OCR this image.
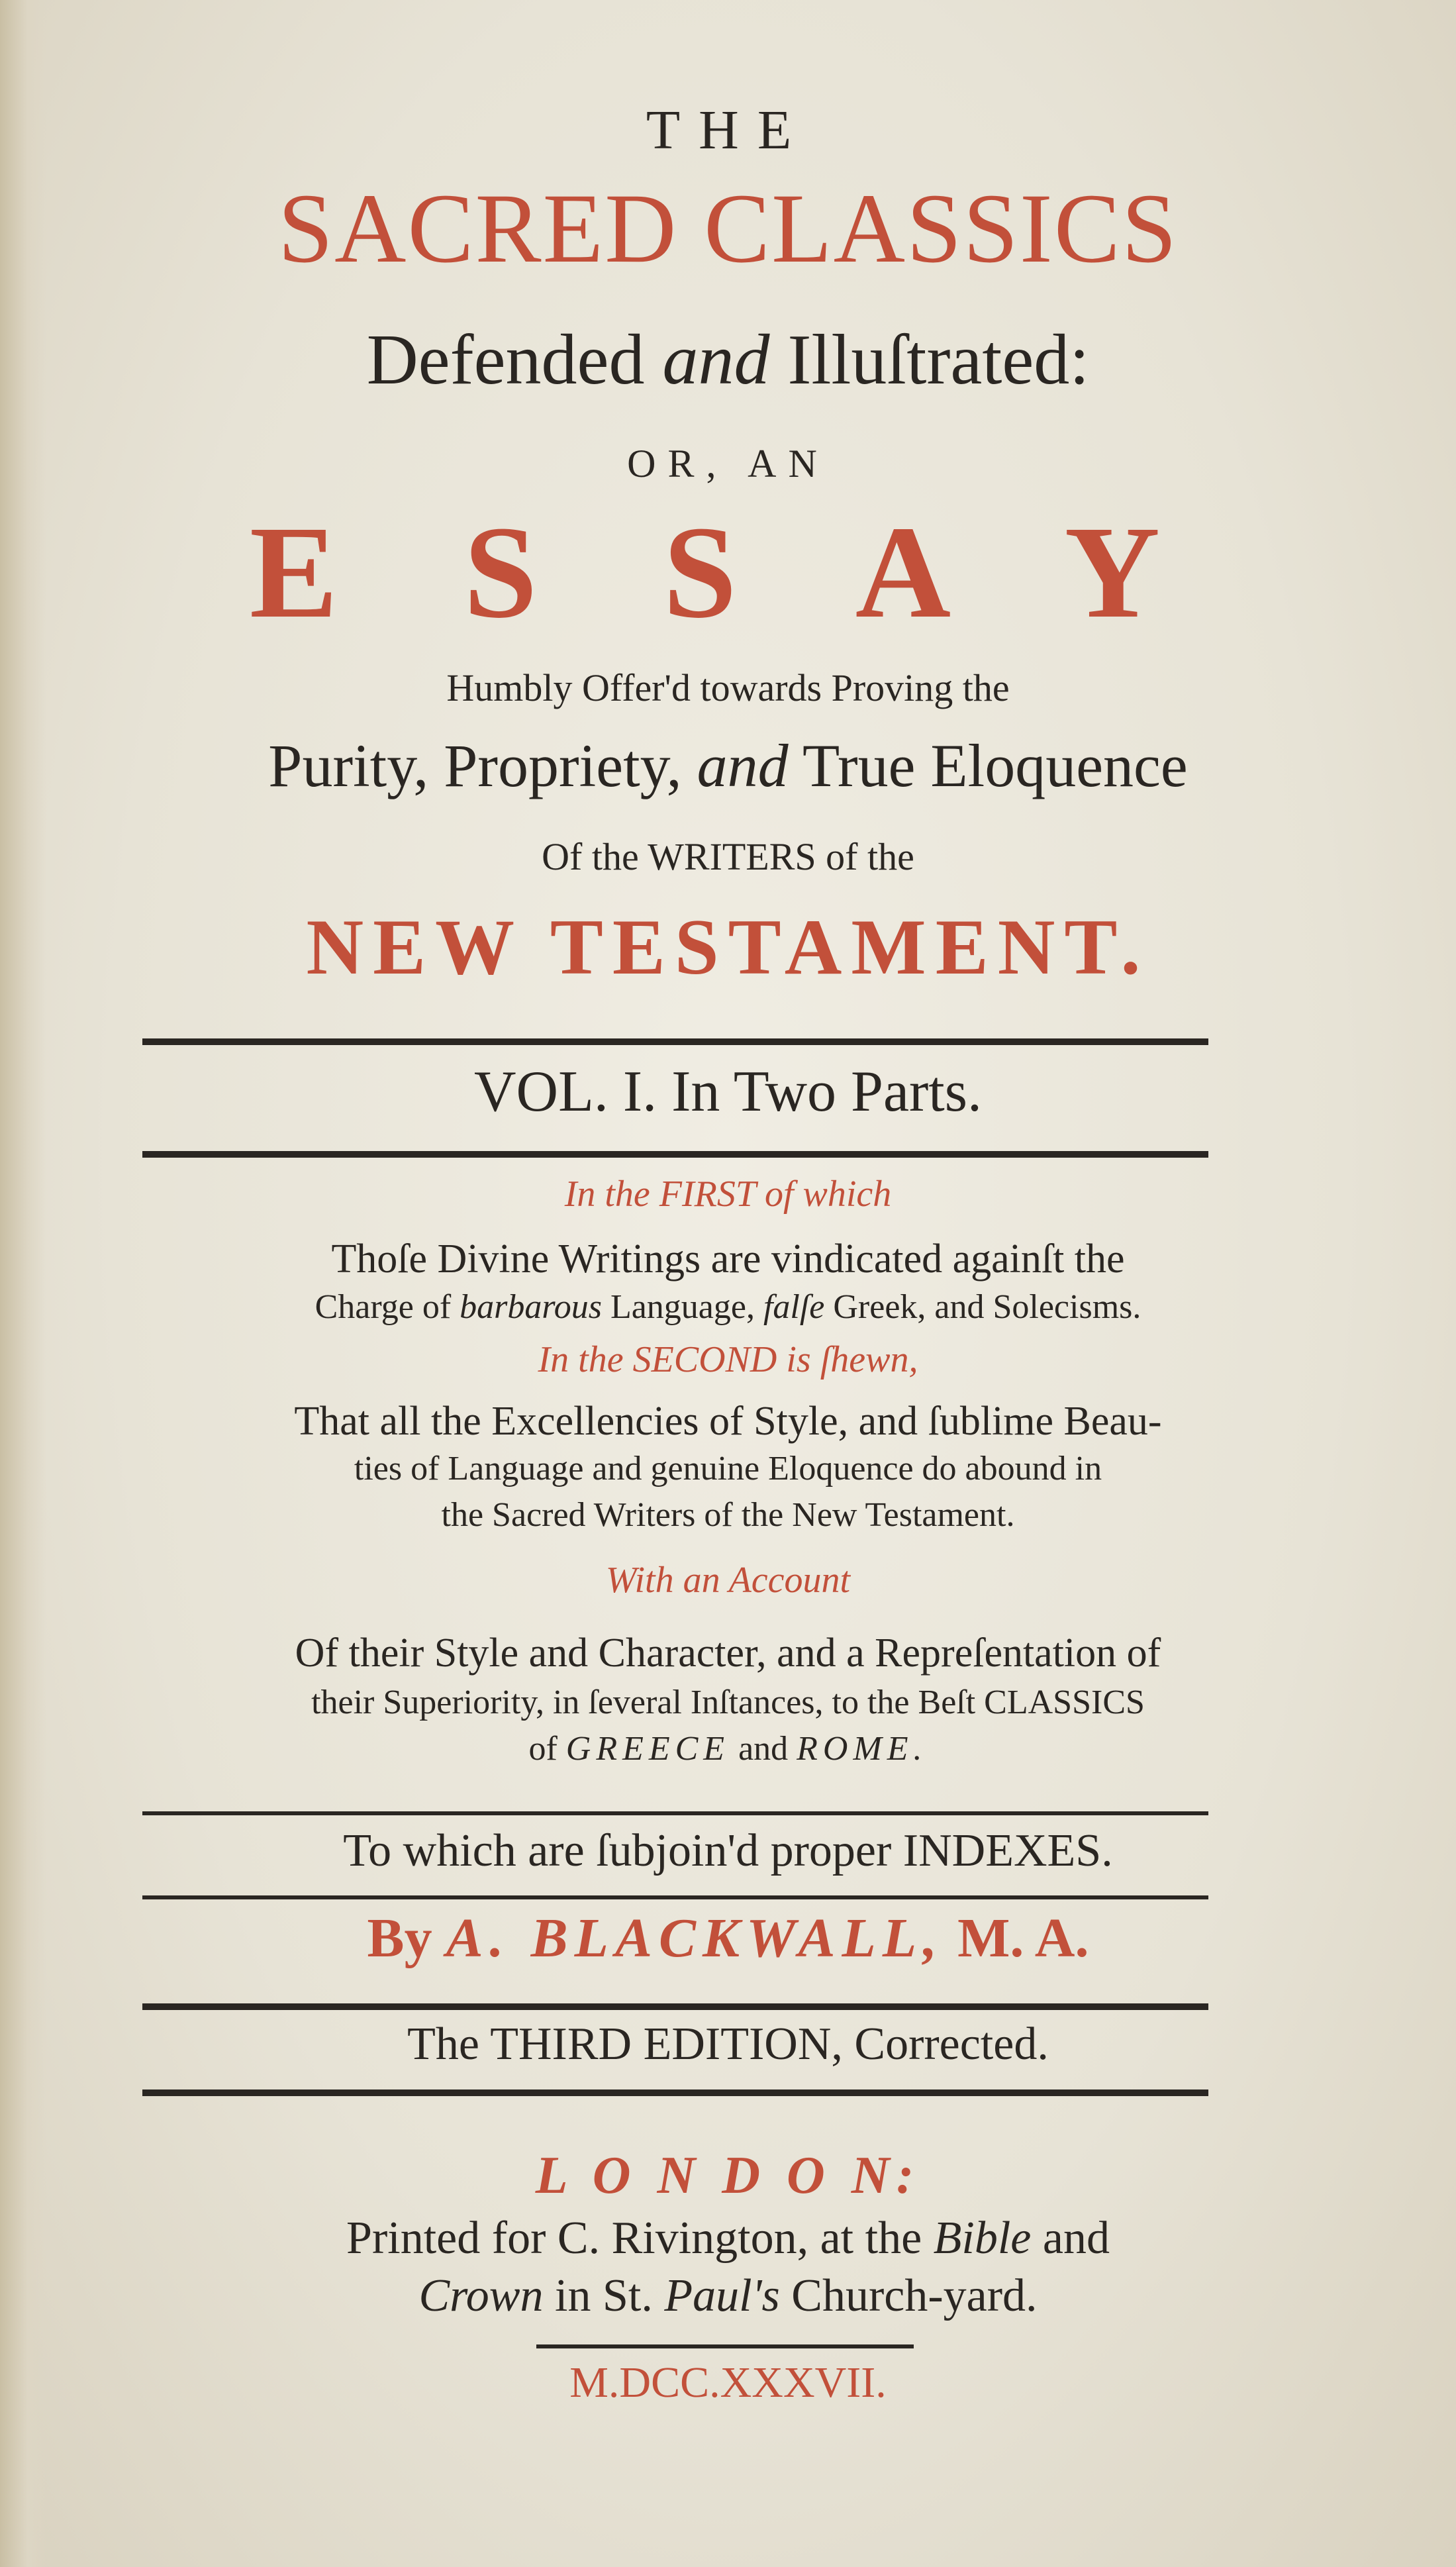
THE
SACRED CLASSICS
Defended and Illuſtrated:
OR, AN
E S S A Y
Humbly Offer'd towards Proving the
Purity, Propriety, and True Eloquence
Of the WRITERS of the
NEW TESTAMENT.
VOL. I. In Two Parts.
In the FIRST of which
Thoſe Divine Writings are vindicated againſt the
Charge of barbarous Language, falſe Greek, and Solecisms.
In the SECOND is ſhewn,
That all the Excellencies of Style, and ſublime Beau-
ties of Language and genuine Eloquence do abound in
the Sacred Writers of the New Testament.
With an Account
Of their Style and Character, and a Repreſentation of
their Superiority, in ſeveral Inſtances, to the Beſt CLASSICS
of GREECE and ROME.
To which are ſubjoin'd proper INDEXES.
By A. BLACKWALL, M. A.
The THIRD EDITION, Corrected.
L O N D O N:
Printed for C. Rivington, at the Bible and
Crown in St. Paul's Church-yard.
M.DCC.XXXVII.
